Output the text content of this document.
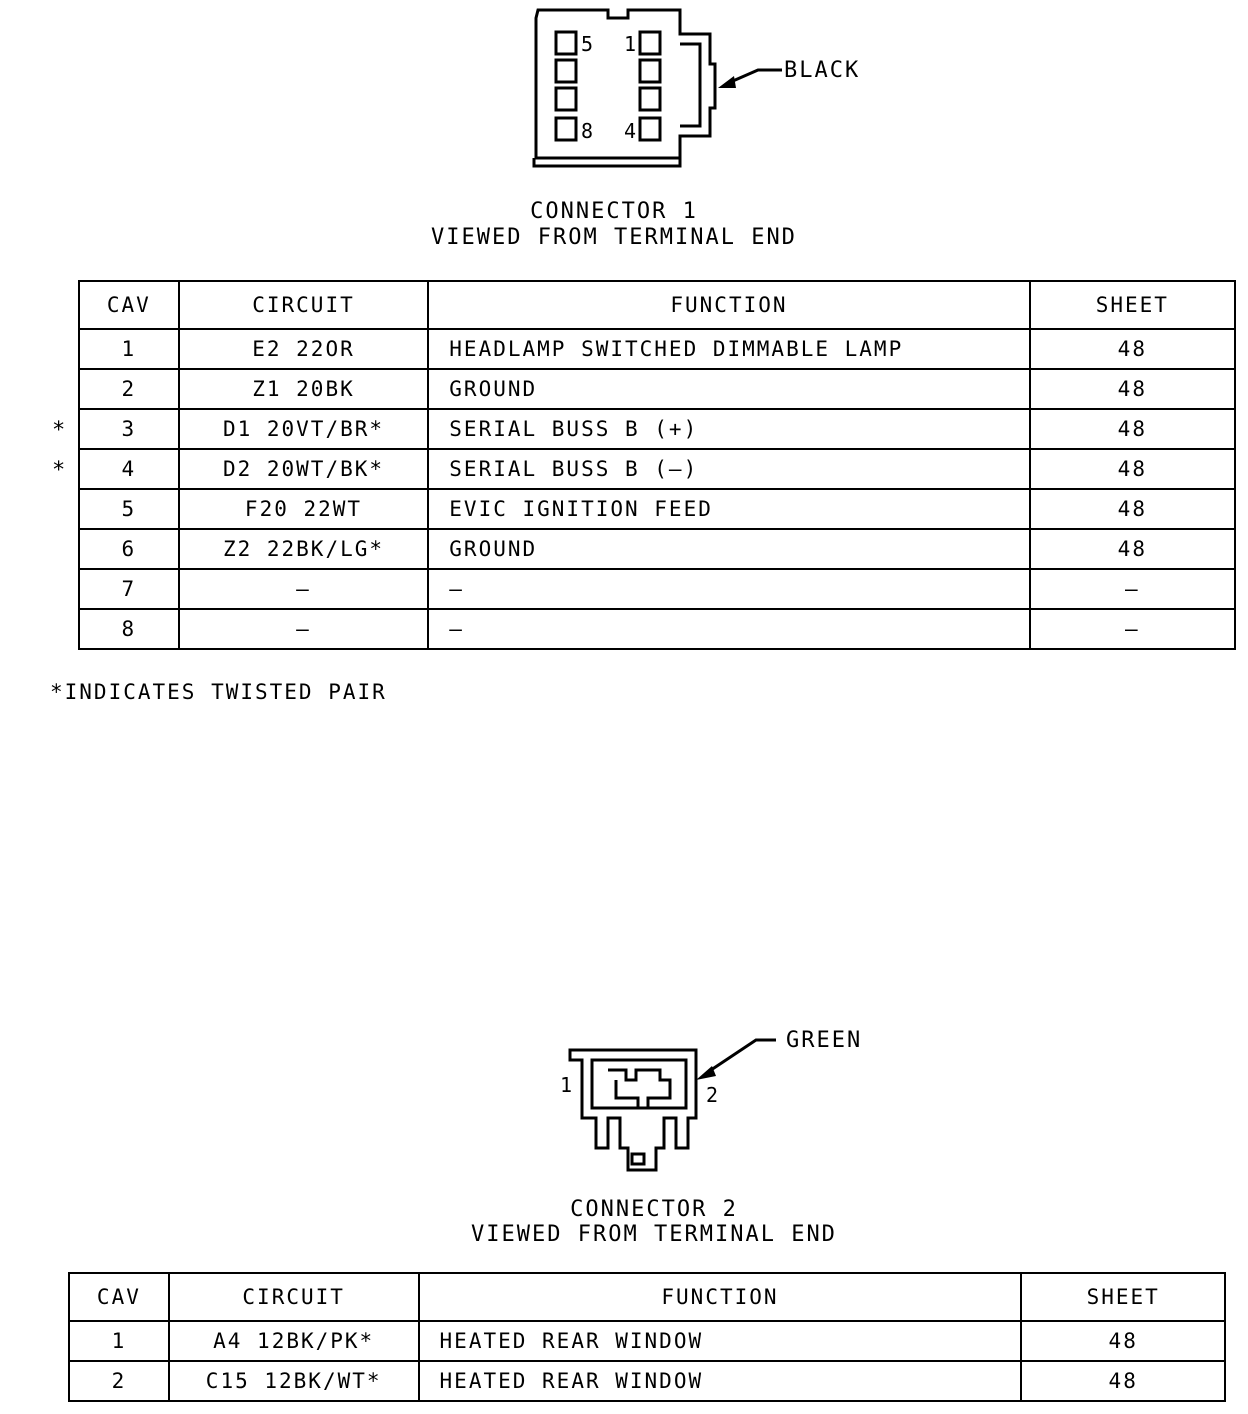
5 1
8 4
BLACK
CONNECTOR 1
VIEWED FROM TERMINAL END
CAV	CIRCUIT	FUNCTION	SHEET
1	E2 22OR	HEADLAMP SWITCHED DIMMABLE LAMP	48
2	Z1 20BK	GROUND	48
3	D1 20VT/BR*	SERIAL BUSS B (+)	48
4	D2 20WT/BK*	SERIAL BUSS B (—)	48
5	F20 22WT	EVIC IGNITION FEED	48
6	Z2 22BK/LG*	GROUND	48
7	—	—	—
8	—	—	—
*
*
*INDICATES TWISTED PAIR
1	2
GREEN
CONNECTOR 2
VIEWED FROM TERMINAL END
CAV	CIRCUIT	FUNCTION	SHEET
1	A4 12BK/PK*	HEATED REAR WINDOW	48
2	C15 12BK/WT*	HEATED REAR WINDOW	48
